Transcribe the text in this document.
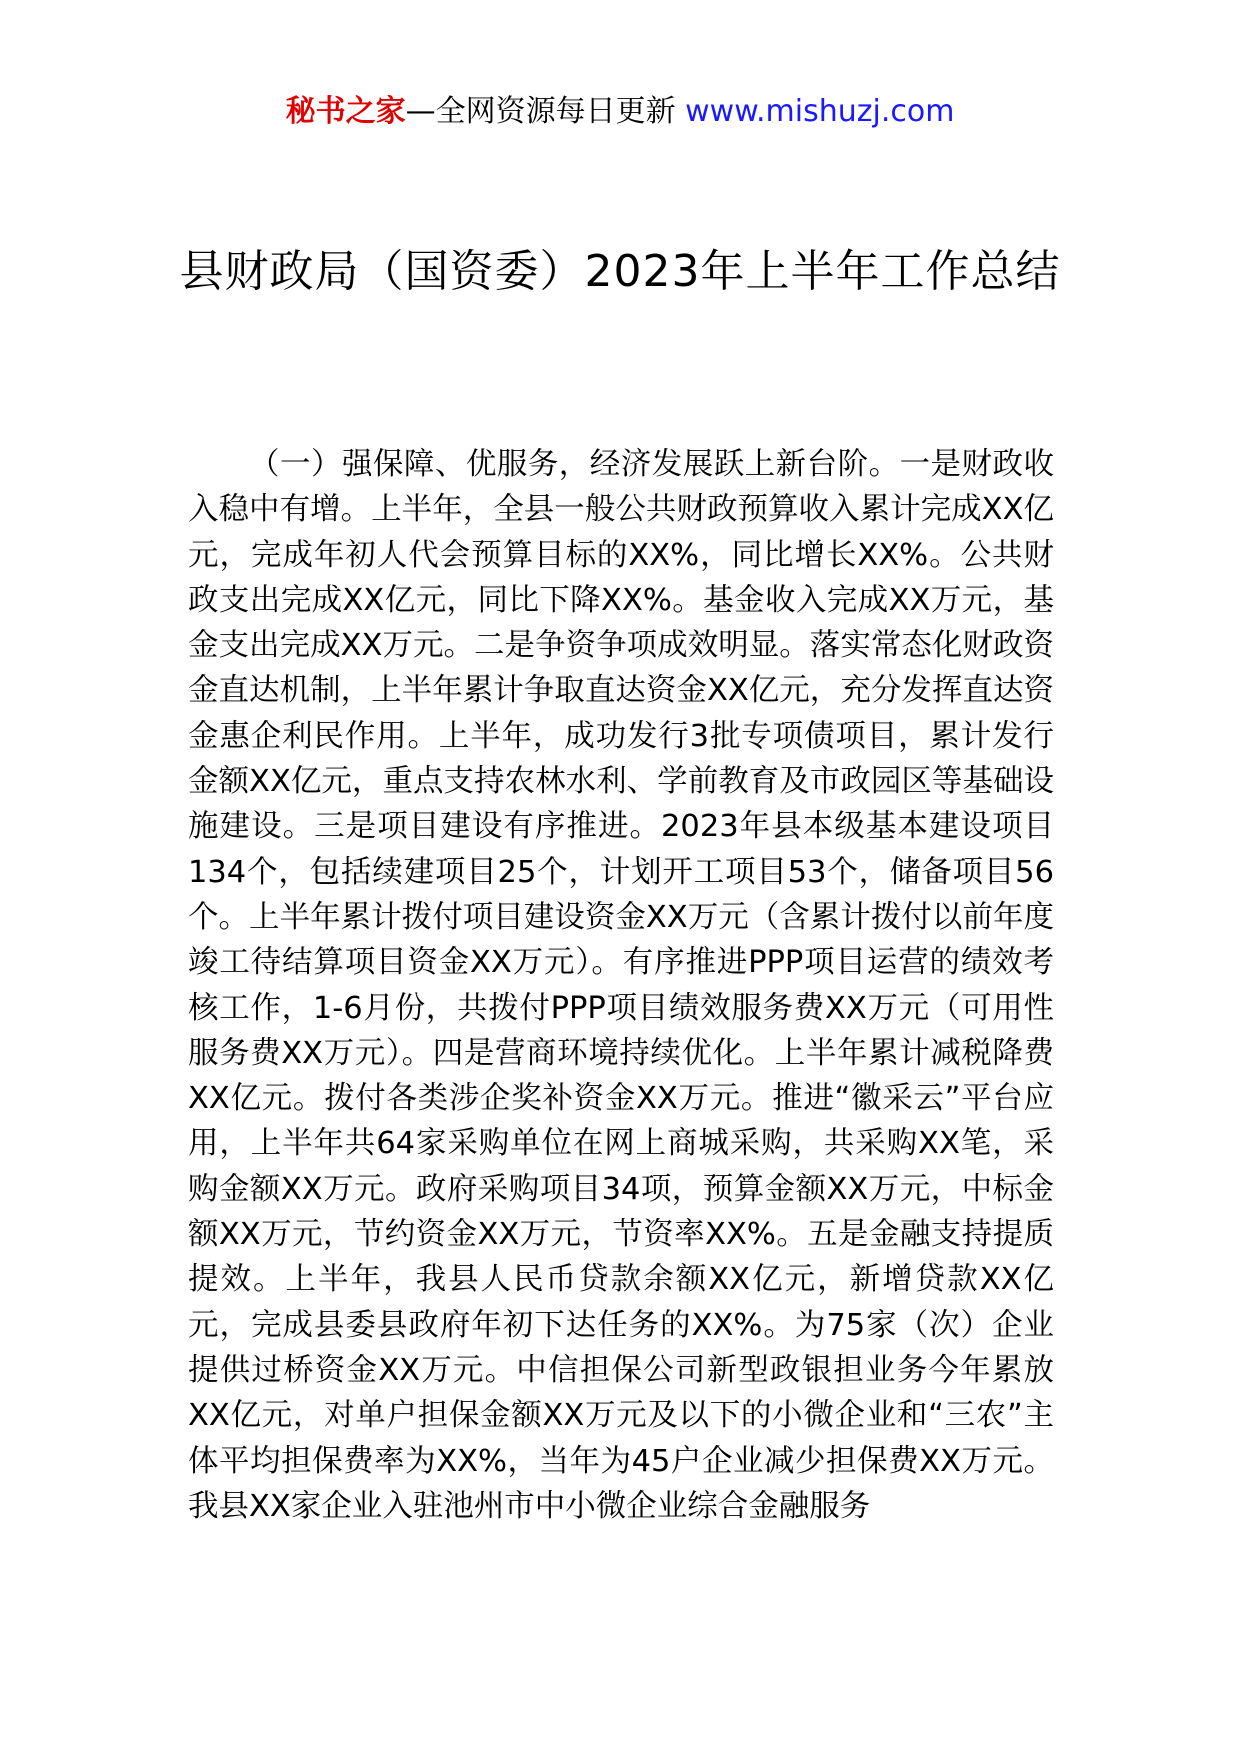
秘书之家—全网资源每日更新 www.mishuzj.com
县财政局（国资委）2023年上半年工作总结

（一）强保障、优服务，经济发展跃上新台阶。一是财政收入稳中有增。上半年，全县一般公共财政预算收入累计完成XX亿元，完成年初人代会预算目标的XX%，同比增长XX%。公共财政支出完成XX亿元，同比下降XX%。基金收入完成XX万元，基金支出完成XX万元。二是争资争项成效明显。落实常态化财政资金直达机制，上半年累计争取直达资金XX亿元，充分发挥直达资金惠企利民作用。上半年，成功发行3批专项债项目，累计发行金额XX亿元，重点支持农林水利、学前教育及市政园区等基础设施建设。三是项目建设有序推进。2023年县本级基本建设项目134个，包括续建项目25个，计划开工项目53个，储备项目56个。上半年累计拨付项目建设资金XX万元（含累计拨付以前年度竣工待结算项目资金XX万元）。有序推进PPP项目运营的绩效考核工作，1-6月份，共拨付PPP项目绩效服务费XX万元（可用性服务费XX万元）。四是营商环境持续优化。上半年累计减税降费XX亿元。拨付各类涉企奖补资金XX万元。推进“徽采云”平台应用，上半年共64家采购单位在网上商城采购，共采购XX笔，采购金额XX万元。政府采购项目34项，预算金额XX万元，中标金额XX万元，节约资金XX万元，节资率XX%。五是金融支持提质提效。上半年，我县人民币贷款余额XX亿元，新增贷款XX亿元，完成县委县政府年初下达任务的XX%。为75家（次）企业提供过桥资金XX万元。中信担保公司新型政银担业务今年累放XX亿元，对单户担保金额XX万元及以下的小微企业和“三农”主体平均担保费率为XX%，当年为45户企业减少担保费XX万元。我县XX家企业入驻池州市中小微企业综合金融服务
